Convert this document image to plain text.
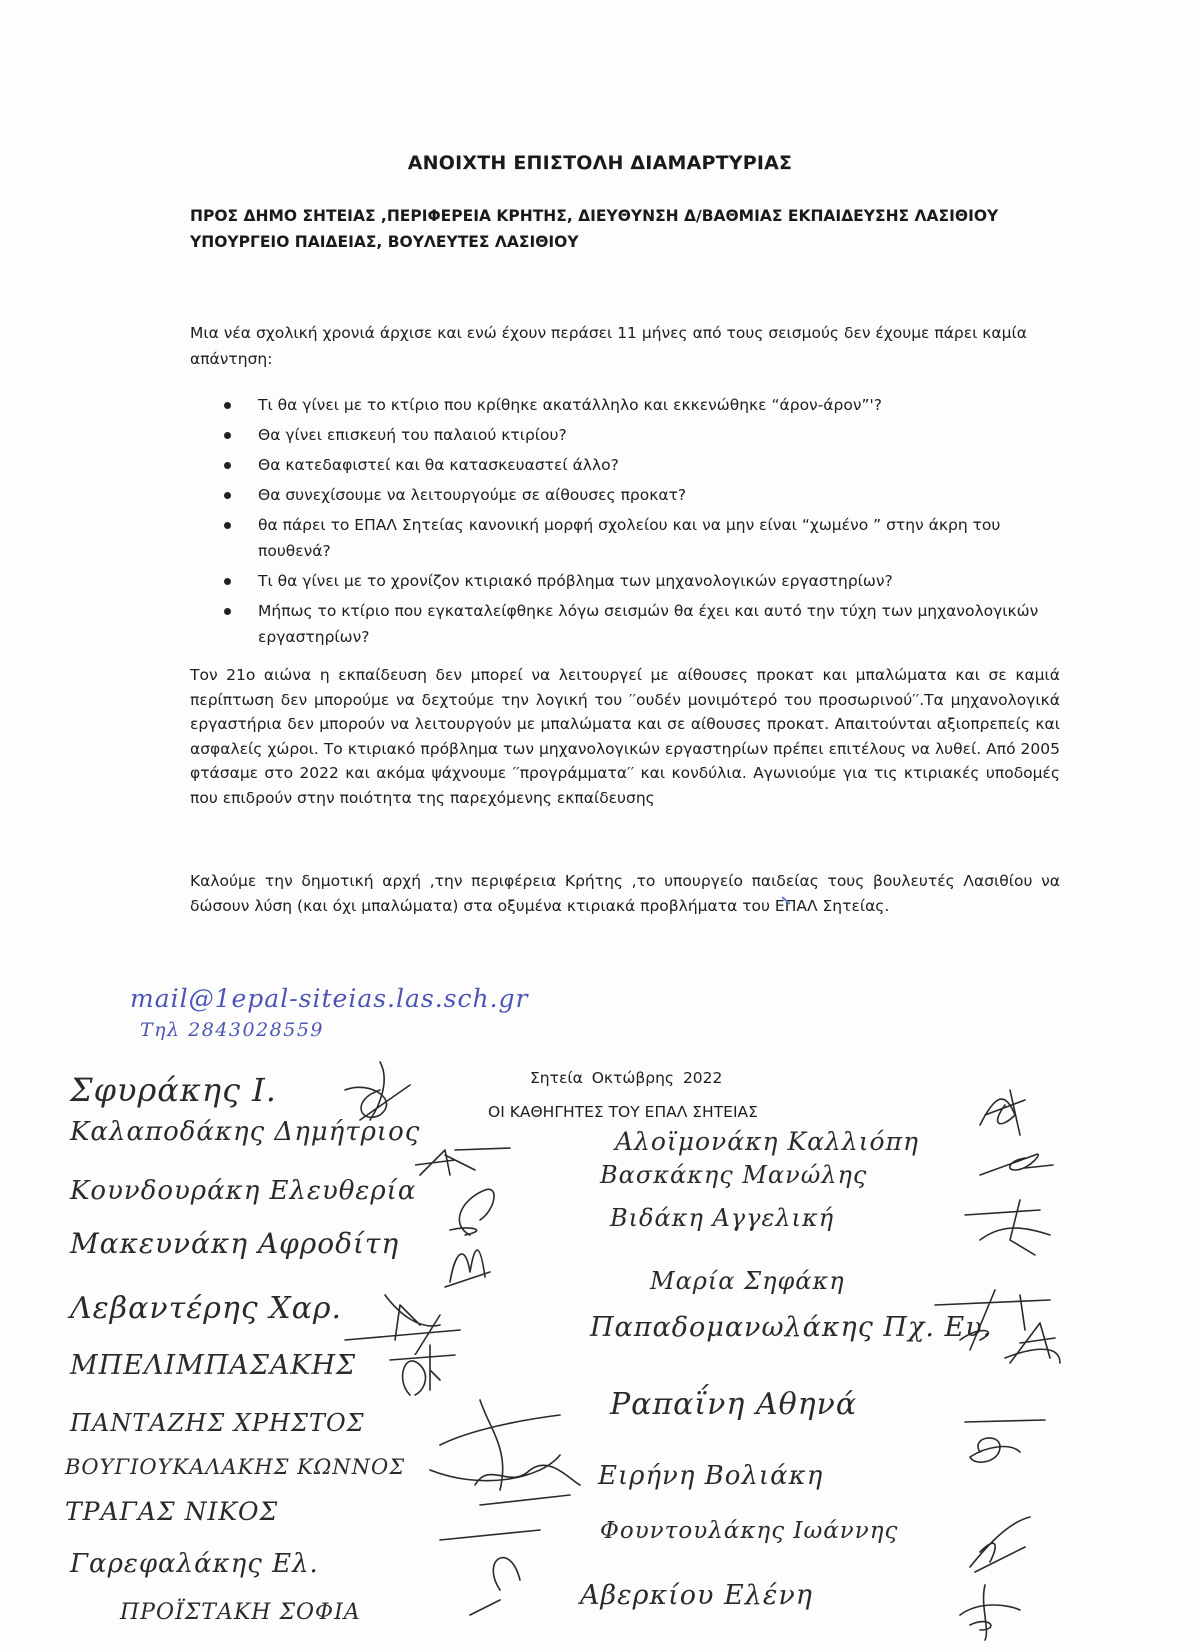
ΑΝΟΙΧΤΗ ΕΠΙΣΤΟΛΗ ΔΙΑΜΑΡΤΥΡΙΑΣ
ΠΡΟΣ ΔΗΜΟ ΣΗΤΕΙΑΣ ,ΠΕΡΙΦΕΡΕΙΑ ΚΡΗΤΗΣ, ΔΙΕΥΘΥΝΣΗ Δ/ΒΑΘΜΙΑΣ ΕΚΠΑΙΔΕΥΣΗΣ ΛΑΣΙΘΙΟΥ
ΥΠΟΥΡΓΕΙΟ ΠΑΙΔΕΙΑΣ, ΒΟΥΛΕΥΤΕΣ ΛΑΣΙΘΙΟΥ
Μια νέα σχολική χρονιά άρχισε και ενώ έχουν περάσει 11 μήνες από τους σεισμούς δεν έχουμε πάρει καμία απάντηση:
Τι θα γίνει με το κτίριο που κρίθηκε ακατάλληλο και εκκενώθηκε “άρον-άρον”'?
Θα γίνει επισκευή του παλαιού κτιρίου?
Θα κατεδαφιστεί και θα κατασκευαστεί άλλο?
Θα συνεχίσουμε να λειτουργούμε σε αίθουσες προκατ?
θα πάρει το ΕΠΑΛ Σητείας κανονική μορφή σχολείου και να μην είναι “χωμένο ” στην άκρη του πουθενά?
Τι θα γίνει με το χρονίζον κτιριακό πρόβλημα των μηχανολογικών εργαστηρίων?
Μήπως το κτίριο που εγκαταλείφθηκε λόγω σεισμών θα έχει και αυτό την τύχη των μηχανολογικών εργαστηρίων?
Τον 21ο αιώνα η εκπαίδευση δεν μπορεί να λειτουργεί με αίθουσες προκατ και μπαλώματα και σε καμιά περίπτωση δεν μπορούμε να δεχτούμε την λογική του ′′ουδέν μονιμότερό του προσωρινού′′.Τα μηχανολογικά εργαστήρια δεν μπορούν να λειτουργούν με μπαλώματα και σε αίθουσες προκατ. Απαιτούνται αξιοπρεπείς και ασφαλείς χώροι. Το κτιριακό πρόβλημα των μηχανολογικών εργαστηρίων πρέπει επιτέλους να λυθεί. Από 2005 φτάσαμε στο 2022 και ακόμα ψάχνουμε ′′προγράμματα′′ και κονδύλια. Αγωνιούμε για τις κτιριακές υποδομές που επιδρούν στην ποιότητα της παρεχόμενης εκπαίδευσης
Καλούμε την δημοτική αρχή ,την περιφέρεια Κρήτης ,το υπουργείο παιδείας τους βουλευτές Λασιθίου να δώσουν λύση (και όχι μπαλώματα) στα οξυμένα κτιριακά προβλήματα του ΕΠΑΛ Σητείας.
mail@1epal-siteias.las.sch.gr
Τηλ 2843028559
Σητεία Οκτώβρης 2022
ΟΙ ΚΑΘΗΓΗΤΕΣ ΤΟΥ ΕΠΑΛ ΣΗΤΕΙΑΣ
Σφυράκης Ι.
Καλαποδάκης Δημήτριος
Κουνδουράκη Ελευθερία
Μακευνάκη Αφροδίτη
Λεβαντέρης Χαρ.
ΜΠΕΛΙΜΠΑΣΑΚΗΣ
ΠΑΝΤΑΖΗΣ ΧΡΗΣΤΟΣ
ΒΟΥΓΙΟΥΚΑΛΑΚΗΣ ΚΩΝΝΟΣ
ΤΡΑΓΑΣ ΝΙΚΟΣ
Γαρεφαλάκης Ελ.
ΠΡΟΪΣΤΑΚΗ ΣΟΦΙΑ
Αλοϊμονάκη Καλλιόπη
Βασκάκης Μανώλης
Βιδάκη Αγγελική
Μαρία Σηφάκη
Παπαδομανωλάκης Πχ. Ευ.
Ραπαΐνη Αθηνά
Ειρήνη Βολιάκη
Φουντουλάκης Ιωάννης
Αβερκίου Ελένη
